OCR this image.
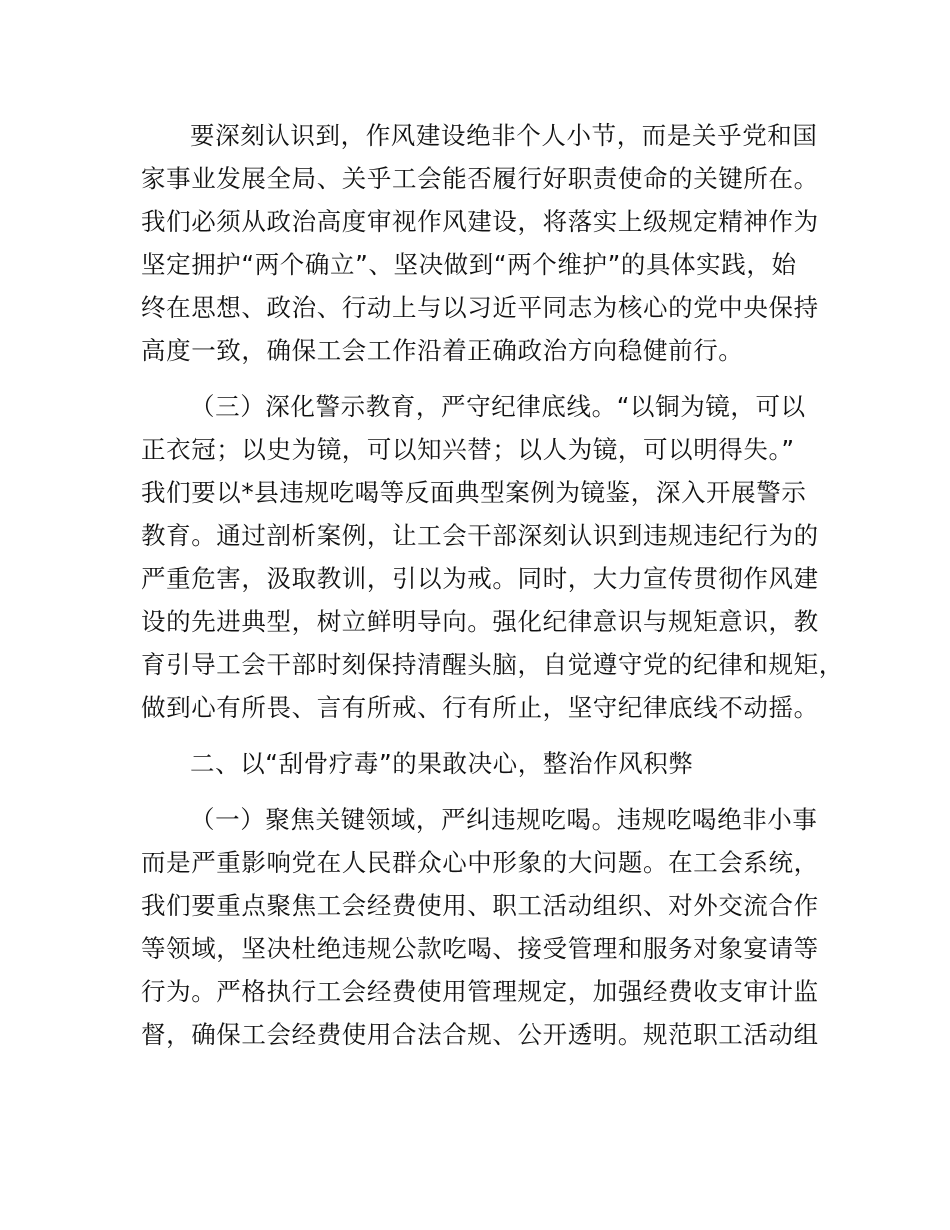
要深刻认识到，作风建设绝非个人小节，而是关乎党和国
家事业发展全局、关乎工会能否履行好职责使命的关键所在。
我们必须从政治高度审视作风建设，将落实上级规定精神作为
坚定拥护“两个确立”、坚决做到“两个维护”的具体实践，始
终在思想、政治、行动上与以习近平同志为核心的党中央保持
高度一致，确保工会工作沿着正确政治方向稳健前行。
（三）深化警示教育，严守纪律底线。“以铜为镜，可以
正衣冠；以史为镜，可以知兴替；以人为镜，可以明得失。”
我们要以*县违规吃喝等反面典型案例为镜鉴，深入开展警示
教育。通过剖析案例，让工会干部深刻认识到违规违纪行为的
严重危害，汲取教训，引以为戒。同时，大力宣传贯彻作风建
设的先进典型，树立鲜明导向。强化纪律意识与规矩意识，教
育引导工会干部时刻保持清醒头脑，自觉遵守党的纪律和规矩，
做到心有所畏、言有所戒、行有所止，坚守纪律底线不动摇。
二、以“刮骨疗毒”的果敢决心，整治作风积弊
（一）聚焦关键领域，严纠违规吃喝。违规吃喝绝非小事
而是严重影响党在人民群众心中形象的大问题。在工会系统，
我们要重点聚焦工会经费使用、职工活动组织、对外交流合作
等领域，坚决杜绝违规公款吃喝、接受管理和服务对象宴请等
行为。严格执行工会经费使用管理规定，加强经费收支审计监
督，确保工会经费使用合法合规、公开透明。规范职工活动组
